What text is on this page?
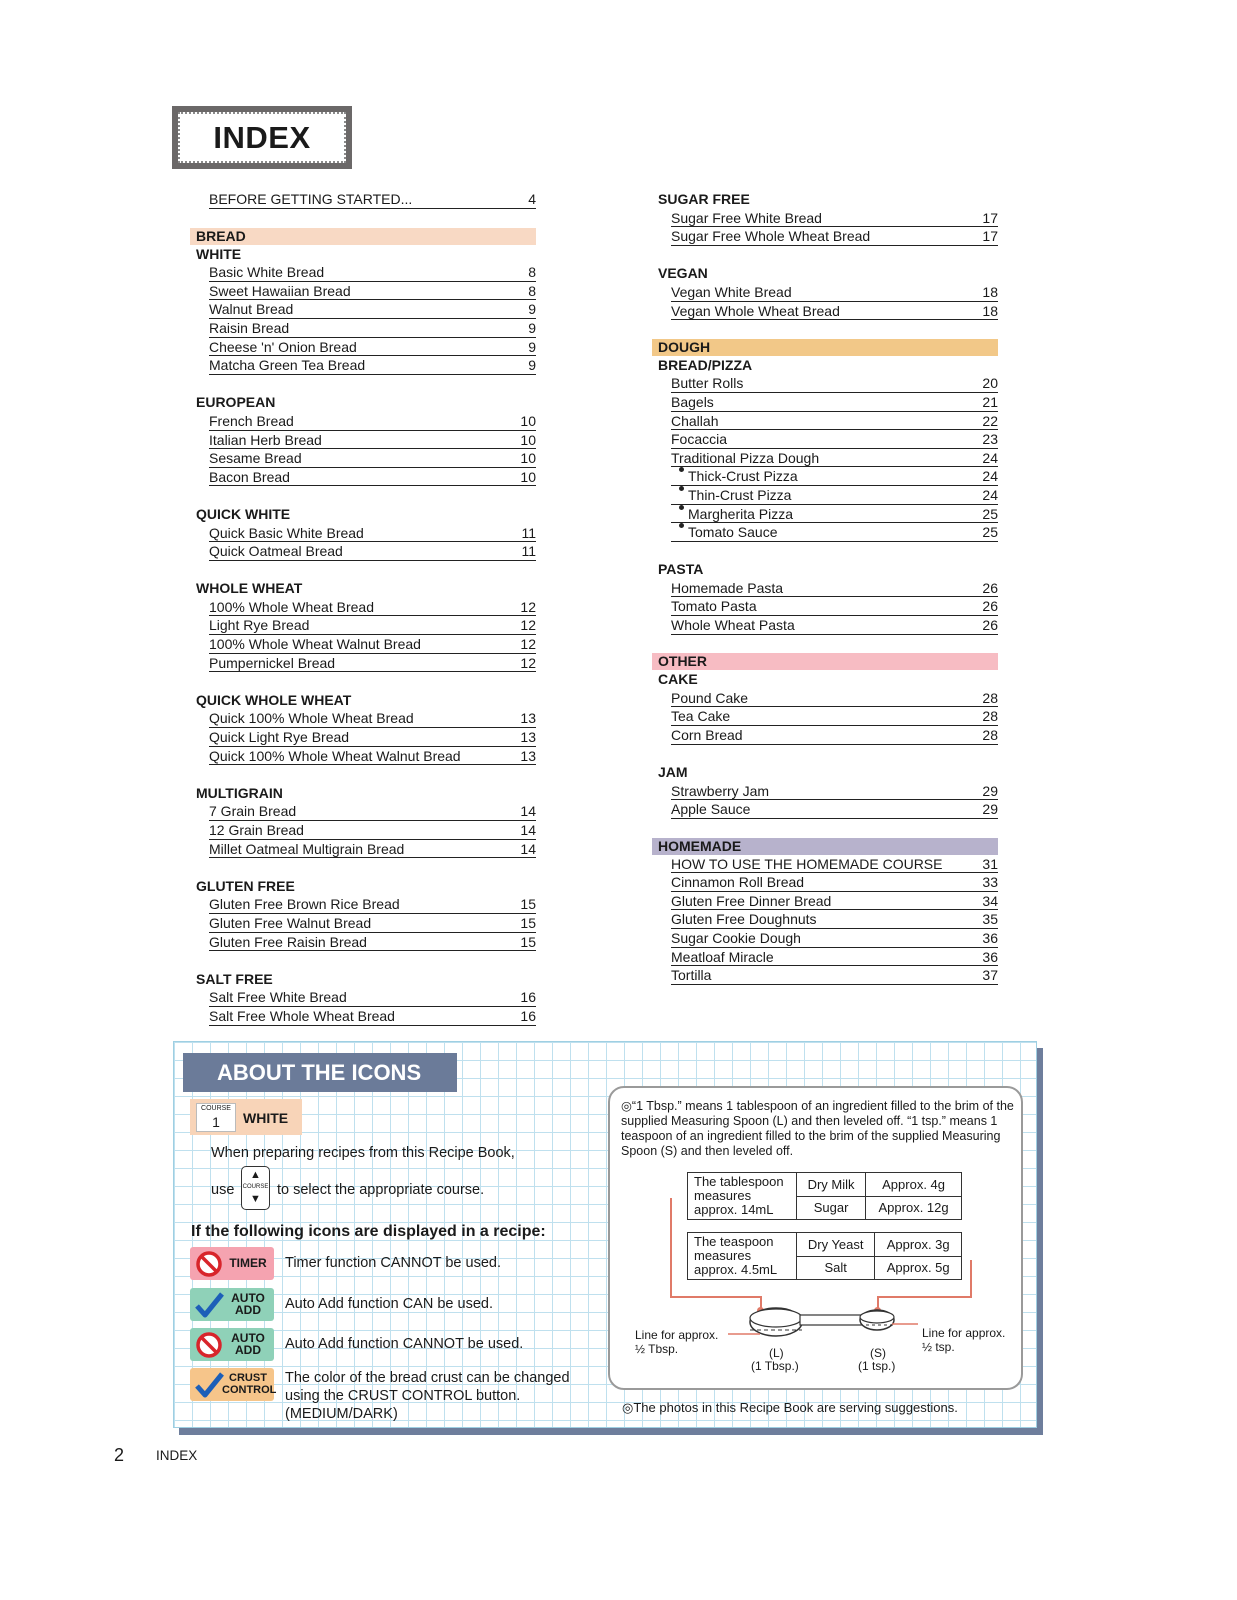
INDEX
BEFORE GETTING STARTED...	4
BREAD
WHITE
Basic White Bread	8
Sweet Hawaiian Bread	8
Walnut Bread	9
Raisin Bread	9
Cheese 'n' Onion Bread	9
Matcha Green Tea Bread	9
EUROPEAN
French Bread	10
Italian Herb Bread	10
Sesame Bread	10
Bacon Bread	10
QUICK WHITE
Quick Basic White Bread	11
Quick Oatmeal Bread	11
WHOLE WHEAT
100% Whole Wheat Bread	12
Light Rye Bread	12
100% Whole Wheat Walnut Bread	12
Pumpernickel Bread	12
QUICK WHOLE WHEAT
Quick 100% Whole Wheat Bread	13
Quick Light Rye Bread	13
Quick 100% Whole Wheat Walnut Bread	13
MULTIGRAIN
7 Grain Bread	14
12 Grain Bread	14
Millet Oatmeal Multigrain Bread	14
GLUTEN FREE
Gluten Free Brown Rice Bread	15
Gluten Free Walnut Bread	15
Gluten Free Raisin Bread	15
SALT FREE
Salt Free White Bread	16
Salt Free Whole Wheat Bread	16
SUGAR FREE
Sugar Free White Bread	17
Sugar Free Whole Wheat Bread	17
VEGAN
Vegan White Bread	18
Vegan Whole Wheat Bread	18
DOUGH
BREAD/PIZZA
Butter Rolls	20
Bagels	21
Challah	22
Focaccia	23
Traditional Pizza Dough	24
Thick-Crust Pizza	24
Thin-Crust Pizza	24
Margherita Pizza	25
Tomato Sauce	25
PASTA
Homemade Pasta	26
Tomato Pasta	26
Whole Wheat Pasta	26
OTHER
CAKE
Pound Cake	28
Tea Cake	28
Corn Bread	28
JAM
Strawberry Jam	29
Apple Sauce	29
HOMEMADE
HOW TO USE THE HOMEMADE COURSE	31
Cinnamon Roll Bread	33
Gluten Free Dinner Bread	34
Gluten Free Doughnuts	35
Sugar Cookie Dough	36
Meatloaf Miracle	36
Tortilla	37
ABOUT THE ICONS
COURSE
1	WHITE
When preparing recipes from this Recipe Book,
use
▲
COURSE
▼
to select the appropriate course.
If the following icons are displayed in a recipe:
TIMER	Timer function CANNOT be used.
AUTO
ADD	Auto Add function CAN be used.
AUTO
ADD	Auto Add function CANNOT be used.
CRUST
CONTROL
The color of the bread crust can be changed using the CRUST CONTROL button. (MEDIUM/DARK)
◎“1 Tbsp.” means 1 tablespoon of an ingredient filled to the brim of the supplied Measuring Spoon (L) and then leveled off. “1 tsp.” means 1 teaspoon of an ingredient filled to the brim of the supplied Measuring Spoon (S) and then leveled off.
The tablespoon measures approx. 14mL	Dry Milk	Approx. 4g
	Sugar	Approx. 12g
The teaspoon measures approx. 4.5mL	Dry Yeast	Approx. 3g
	Salt	Approx. 5g
Line for approx. ½ Tbsp.
Line for approx. ½ tsp.
(L)
(1 Tbsp.)
(S)
(1 tsp.)
◎The photos in this Recipe Book are serving suggestions.
2 INDEX
